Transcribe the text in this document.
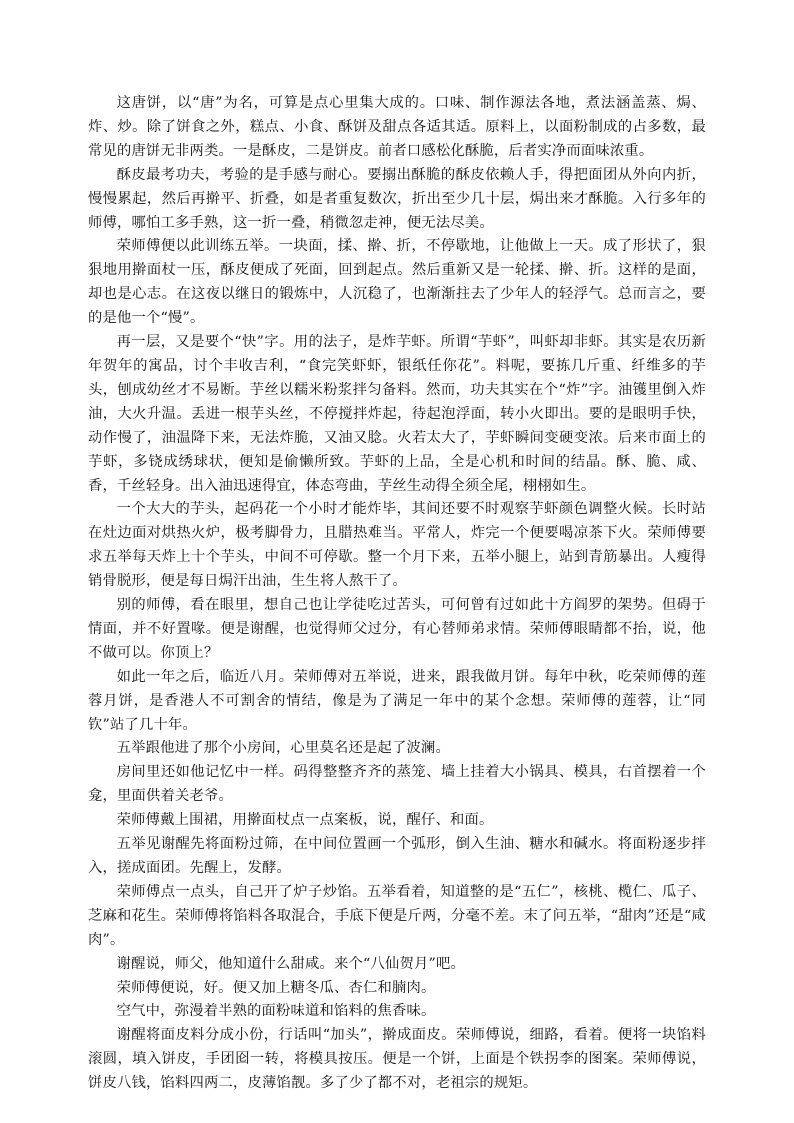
这唐饼，以“唐”为名，可算是点心里集大成的。口味、制作源法各地，煮法涵盖蒸、焗、炸、炒。除了饼食之外，糕点、小食、酥饼及甜点各适其适。原料上，以面粉制成的占多数，最常见的唐饼无非两类。一是酥皮，二是饼皮。前者口感松化酥脆，后者实净而面味浓重。

酥皮最考功夫，考验的是手感与耐心。要搦出酥脆的酥皮依赖人手，得把面团从外向内折，慢慢累起，然后再擀平、折叠，如是者重复数次，折出至少几十层，焗出来才酥脆。入行多年的师傅，哪怕工多手熟，这一折一叠，稍微忽走神，便无法尽美。

荣师傅便以此训练五举。一块面，揉、擀、折，不停歇地，让他做上一天。成了形状了，狠狠地用擀面杖一压，酥皮便成了死面，回到起点。然后重新又是一轮揉、擀、折。这样的是面，却也是心志。在这夜以继日的锻炼中，人沉稳了，也渐渐拄去了少年人的轻浮气。总而言之，要的是他一个“慢”。

再一层，又是要个“快”字。用的法子，是炸芋虾。所谓“芋虾”，叫虾却非虾。其实是农历新年贺年的寓品，讨个丰收吉利，“食完笑虾虾，银纸任你花”。料呢，要拣几斤重、纤维多的芋头，刨成幼丝才不易断。芋丝以糯米粉浆拌匀备料。然而，功夫其实在个“炸”字。油镬里倒入炸油，大火升温。丢进一根芋头丝，不停搅拌炸起，待起泡浮面，转小火即出。要的是眼明手快，动作慢了，油温降下来，无法炸脆，又油又腍。火若太大了，芋虾瞬间变硬变浓。后来市面上的芋虾，多铙成绣球状，便知是偷懒所致。芋虾的上品，全是心机和时间的结晶。酥、脆、咸、香，千丝轻身。出入油迅速得宜，体态弯曲，芋丝生动得全须全尾，栩栩如生。

一个大大的芋头，起码花一个小时才能炸毕，其间还要不时观察芋虾颜色调整火候。长时站在灶边面对烘热火炉，极考脚骨力，且腊热难当。平常人，炸完一个便要喝凉茶下火。荣师傅要求五举每天炸上十个芋头，中间不可停歇。整一个月下来，五举小腿上，站到青筋暴出。人瘦得销骨脱形，便是每日焗汗出油，生生将人熬干了。

别的师傅，看在眼里，想自己也让学徒吃过苦头，可何曾有过如此十方阎罗的架势。但碍于情面，并不好置喙。便是谢醒，也觉得师父过分，有心替师弟求情。荣师傅眼睛都不抬，说，他不做可以。你顶上？

如此一年之后，临近八月。荣师傅对五举说，进来，跟我做月饼。每年中秋，吃荣师傅的莲蓉月饼，是香港人不可割舍的情结，像是为了满足一年中的某个念想。荣师傅的莲蓉，让“同钦”站了几十年。

五举跟他进了那个小房间，心里莫名还是起了波澜。

房间里还如他记忆中一样。码得整整齐齐的蒸笼、墙上挂着大小锅具、模具，右首摆着一个龛，里面供着关老爷。

荣师傅戴上围裙，用擀面杖点一点案板，说，醒仔、和面。

五举见谢醒先将面粉过筛，在中间位置画一个弧形，倒入生油、糖水和碱水。将面粉逐步拌入，搓成面团。先醒上，发酵。

荣师傅点一点头，自己开了炉子炒馅。五举看着，知道整的是“五仁”，核桃、榄仁、瓜子、芝麻和花生。荣师傅将馅料各取混合，手底下便是斤两，分毫不差。末了问五举，“甜肉”还是“咸肉”。

谢醒说，师父，他知道什么甜咸。来个“八仙贺月”吧。

荣师傅便说，好。便又加上糖冬瓜、杏仁和腩肉。

空气中，弥漫着半熟的面粉味道和馅料的焦香味。

谢醒将面皮料分成小份，行话叫“加头”，擀成面皮。荣师傅说，细路，看着。便将一块馅料滚圆，填入饼皮，手团囵一转，将模具按压。便是一个饼，上面是个铁拐李的图案。荣师傅说，饼皮八钱，馅料四两二，皮薄馅靓。多了少了都不对，老祖宗的规矩。
